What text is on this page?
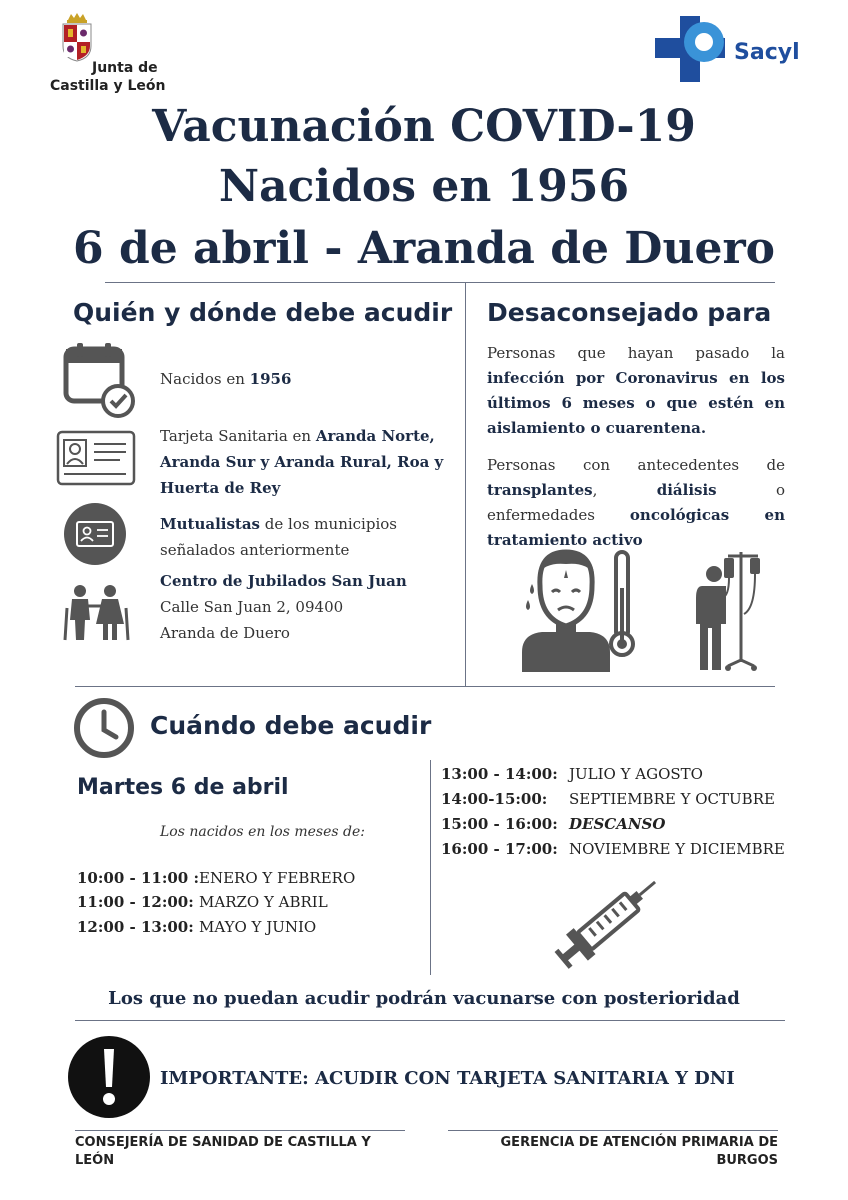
Junta de
Castilla y León
Sacyl
Vacunación COVID-19
Nacidos en 1956
6 de abril - Aranda de Duero
Quién y dónde debe acudir
Nacidos en 1956
Tarjeta Sanitaria en Aranda Norte, Aranda Sur y Aranda Rural, Roa y Huerta de Rey
Mutualistas de los municipios señalados anteriormente
Centro de Jubilados San Juan
Calle San Juan 2, 09400
Aranda de Duero
Desaconsejado para
Personas que hayan pasado la infección por Coronavirus en los últimos 6 meses o que estén en aislamiento o cuarentena.
Personas con antecedentes de transplantes, diálisis o enfermedades oncológicas en tratamiento activo
Cuándo debe acudir
Martes 6 de abril
Los nacidos en los meses de:
10:00 - 11:00 : ENERO Y FEBRERO
11:00 - 12:00: MARZO Y ABRIL
12:00 - 13:00: MAYO Y JUNIO
13:00 - 14:00: JULIO Y AGOSTO
14:00-15:00: SEPTIEMBRE Y OCTUBRE
15:00 - 16:00: DESCANSO
16:00 - 17:00: NOVIEMBRE Y DICIEMBRE
Los que no puedan acudir podrán vacunarse con posterioridad
IMPORTANTE: ACUDIR CON TARJETA SANITARIA Y DNI
CONSEJERÍA DE SANIDAD DE CASTILLA Y
LEÓN
GERENCIA DE ATENCIÓN PRIMARIA DE
BURGOS
